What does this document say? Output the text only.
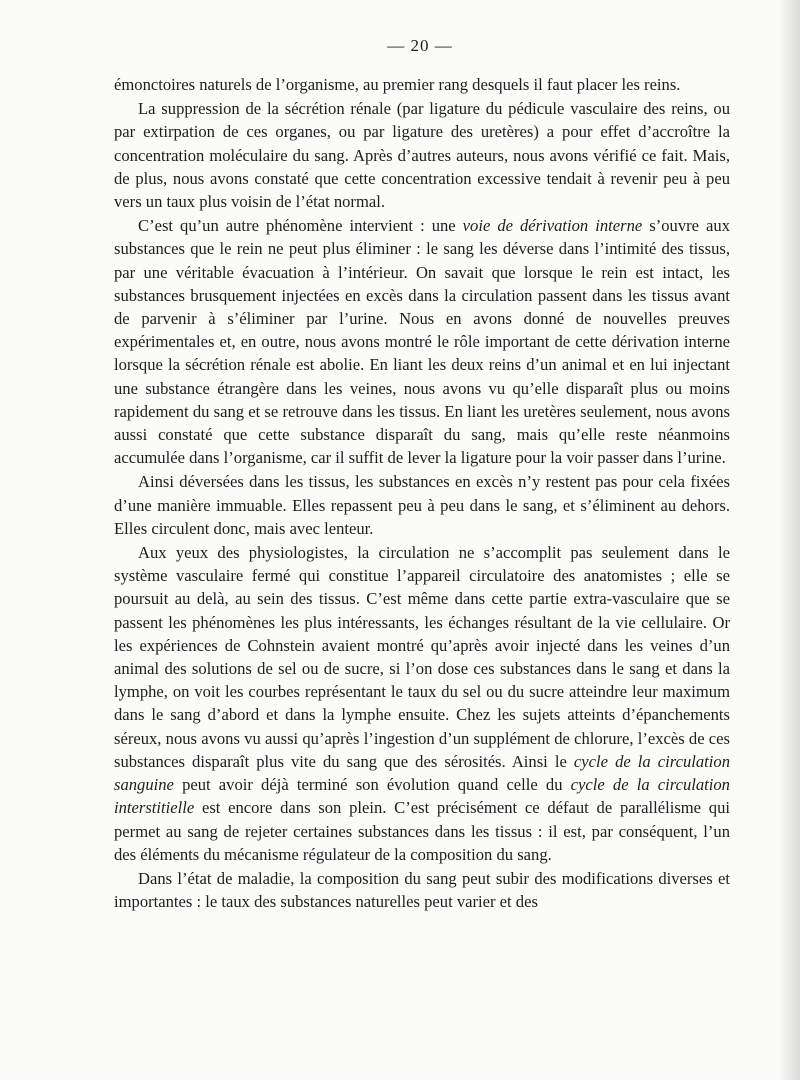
— 20 —

émonctoires naturels de l’organisme, au premier rang desquels il faut placer les reins.

La suppression de la sécrétion rénale (par ligature du pédicule vasculaire des reins, ou par extirpation de ces organes, ou par ligature des uretères) a pour effet d’accroître la concentration moléculaire du sang. Après d’autres auteurs, nous avons vérifié ce fait. Mais, de plus, nous avons constaté que cette concentration excessive tendait à revenir peu à peu vers un taux plus voisin de l’état normal.

C’est qu’un autre phénomène intervient : une voie de dérivation interne s’ouvre aux substances que le rein ne peut plus éliminer : le sang les déverse dans l’intimité des tissus, par une véritable évacuation à l’intérieur. On savait que lorsque le rein est intact, les substances brusquement injectées en excès dans la circulation passent dans les tissus avant de parvenir à s’éliminer par l’urine. Nous en avons donné de nouvelles preuves expérimentales et, en outre, nous avons montré le rôle important de cette dérivation interne lorsque la sécrétion rénale est abolie. En liant les deux reins d’un animal et en lui injectant une substance étrangère dans les veines, nous avons vu qu’elle disparaît plus ou moins rapidement du sang et se retrouve dans les tissus. En liant les uretères seulement, nous avons aussi constaté que cette substance disparaît du sang, mais qu’elle reste néanmoins accumulée dans l’organisme, car il suffit de lever la ligature pour la voir passer dans l’urine.

Ainsi déversées dans les tissus, les substances en excès n’y restent pas pour cela fixées d’une manière immuable. Elles repassent peu à peu dans le sang, et s’éliminent au dehors. Elles circulent donc, mais avec lenteur.

Aux yeux des physiologistes, la circulation ne s’accomplit pas seulement dans le système vasculaire fermé qui constitue l’appareil circulatoire des anatomistes ; elle se poursuit au delà, au sein des tissus. C’est même dans cette partie extra-vasculaire que se passent les phénomènes les plus intéressants, les échanges résultant de la vie cellulaire. Or les expériences de Cohnstein avaient montré qu’après avoir injecté dans les veines d’un animal des solutions de sel ou de sucre, si l’on dose ces substances dans le sang et dans la lymphe, on voit les courbes représentant le taux du sel ou du sucre atteindre leur maximum dans le sang d’abord et dans la lymphe ensuite. Chez les sujets atteints d’épanchements séreux, nous avons vu aussi qu’après l’ingestion d’un supplément de chlorure, l’excès de ces substances disparaît plus vite du sang que des sérosités. Ainsi le cycle de la circulation sanguine peut avoir déjà terminé son évolution quand celle du cycle de la circulation interstitielle est encore dans son plein. C’est précisément ce défaut de parallélisme qui permet au sang de rejeter certaines substances dans les tissus : il est, par conséquent, l’un des éléments du mécanisme régulateur de la composition du sang.

Dans l’état de maladie, la composition du sang peut subir des modifications diverses et importantes : le taux des substances naturelles peut varier et des
